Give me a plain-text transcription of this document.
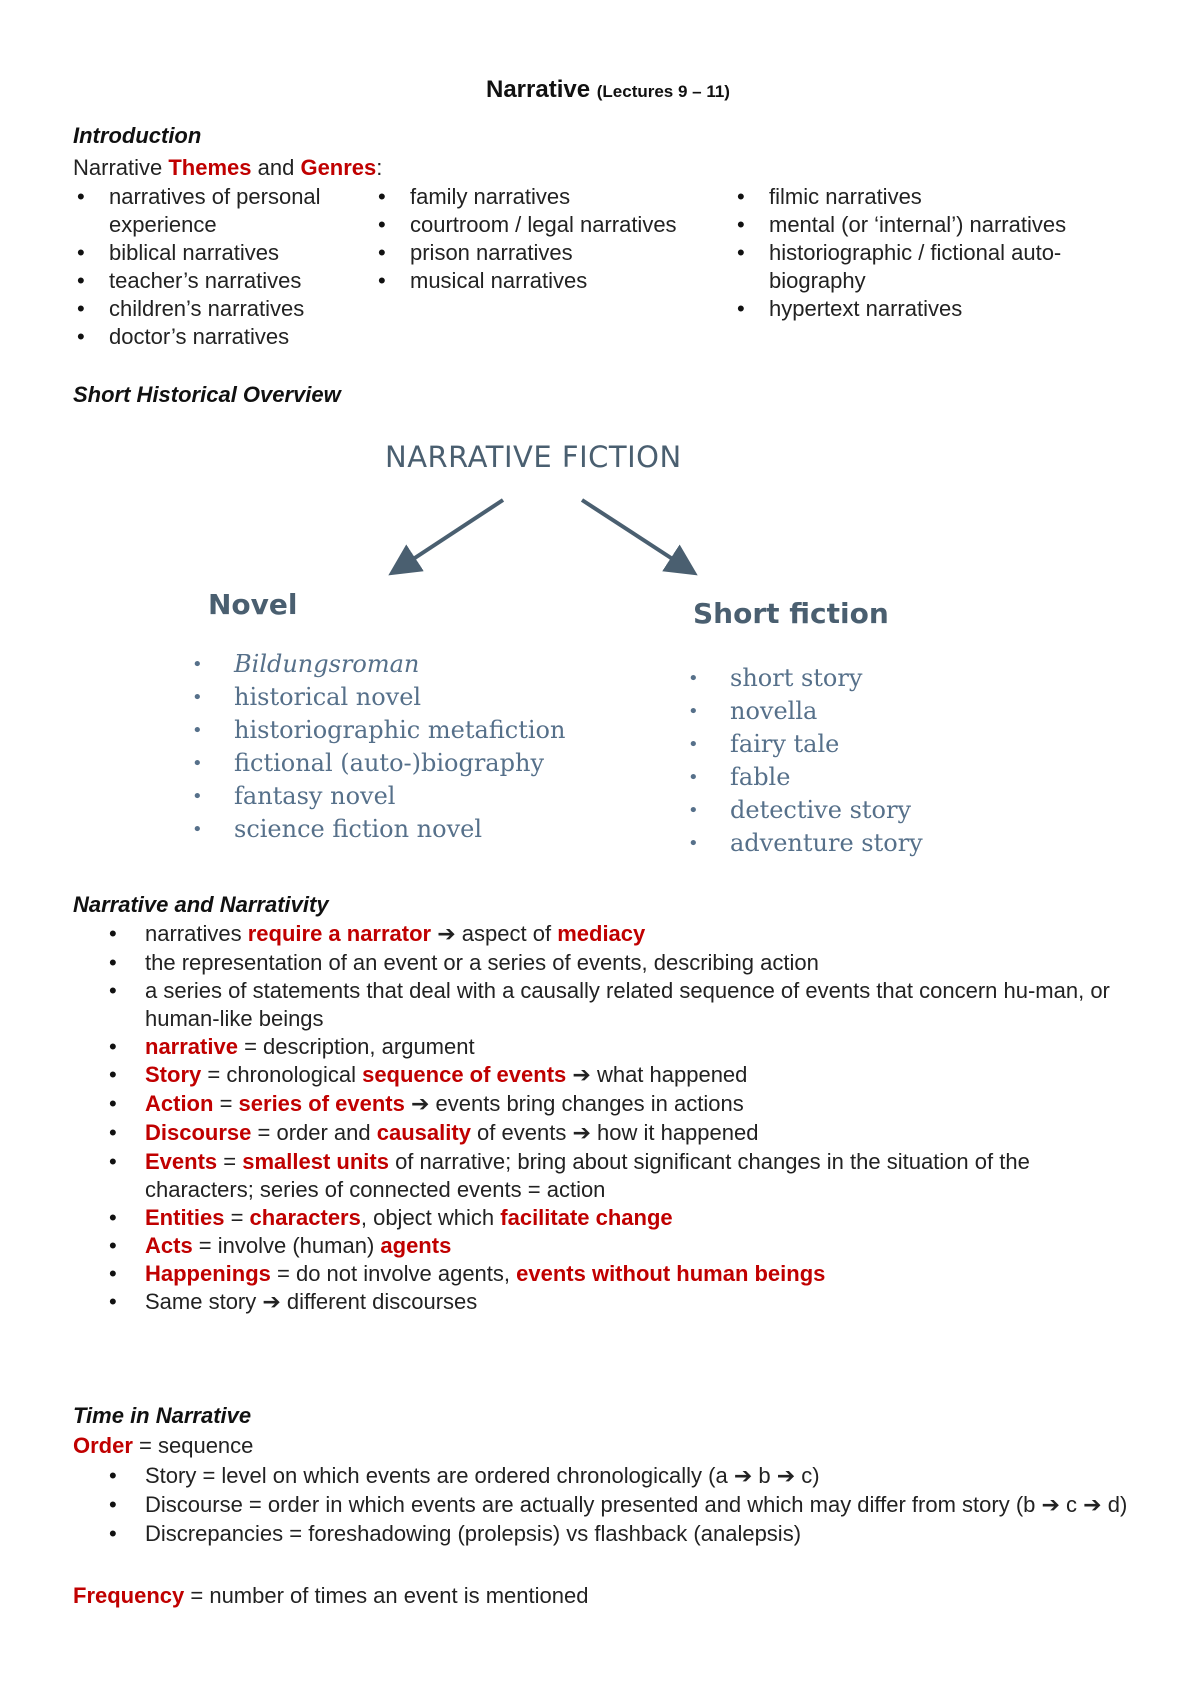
Narrative (Lectures 9 – 11)
Introduction
Narrative Themes and Genres:
• narratives of personal experience
• biblical narratives
• teacher’s narratives
• children’s narratives
• doctor’s narratives
• family narratives
• courtroom / legal narratives
• prison narratives
• musical narratives
• filmic narratives
• mental (or ‘internal’) narratives
• historiographic / fictional auto-biography
• hypertext narratives
Short Historical Overview
NARRATIVE FICTION
Novel
• Bildungsroman
• historical novel
• historiographic metafiction
• fictional (auto-)biography
• fantasy novel
• science fiction novel
Short fiction
• short story
• novella
• fairy tale
• fable
• detective story
• adventure story
Narrative and Narrativity
• narratives require a narrator ➔ aspect of mediacy
• the representation of an event or a series of events, describing action
• a series of statements that deal with a causally related sequence of events that concern hu-man, or human-like beings
• narrative = description, argument
• Story = chronological sequence of events ➔ what happened
• Action = series of events ➔ events bring changes in actions
• Discourse = order and causality of events ➔ how it happened
• Events = smallest units of narrative; bring about significant changes in the situation of the characters; series of connected events = action
• Entities = characters, object which facilitate change
• Acts = involve (human) agents
• Happenings = do not involve agents, events without human beings
• Same story ➔ different discourses
Time in Narrative
Order = sequence
• Story = level on which events are ordered chronologically (a ➔ b ➔ c)
• Discourse = order in which events are actually presented and which may differ from story (b ➔ c ➔ d)
• Discrepancies = foreshadowing (prolepsis) vs flashback (analepsis)
Frequency = number of times an event is mentioned
